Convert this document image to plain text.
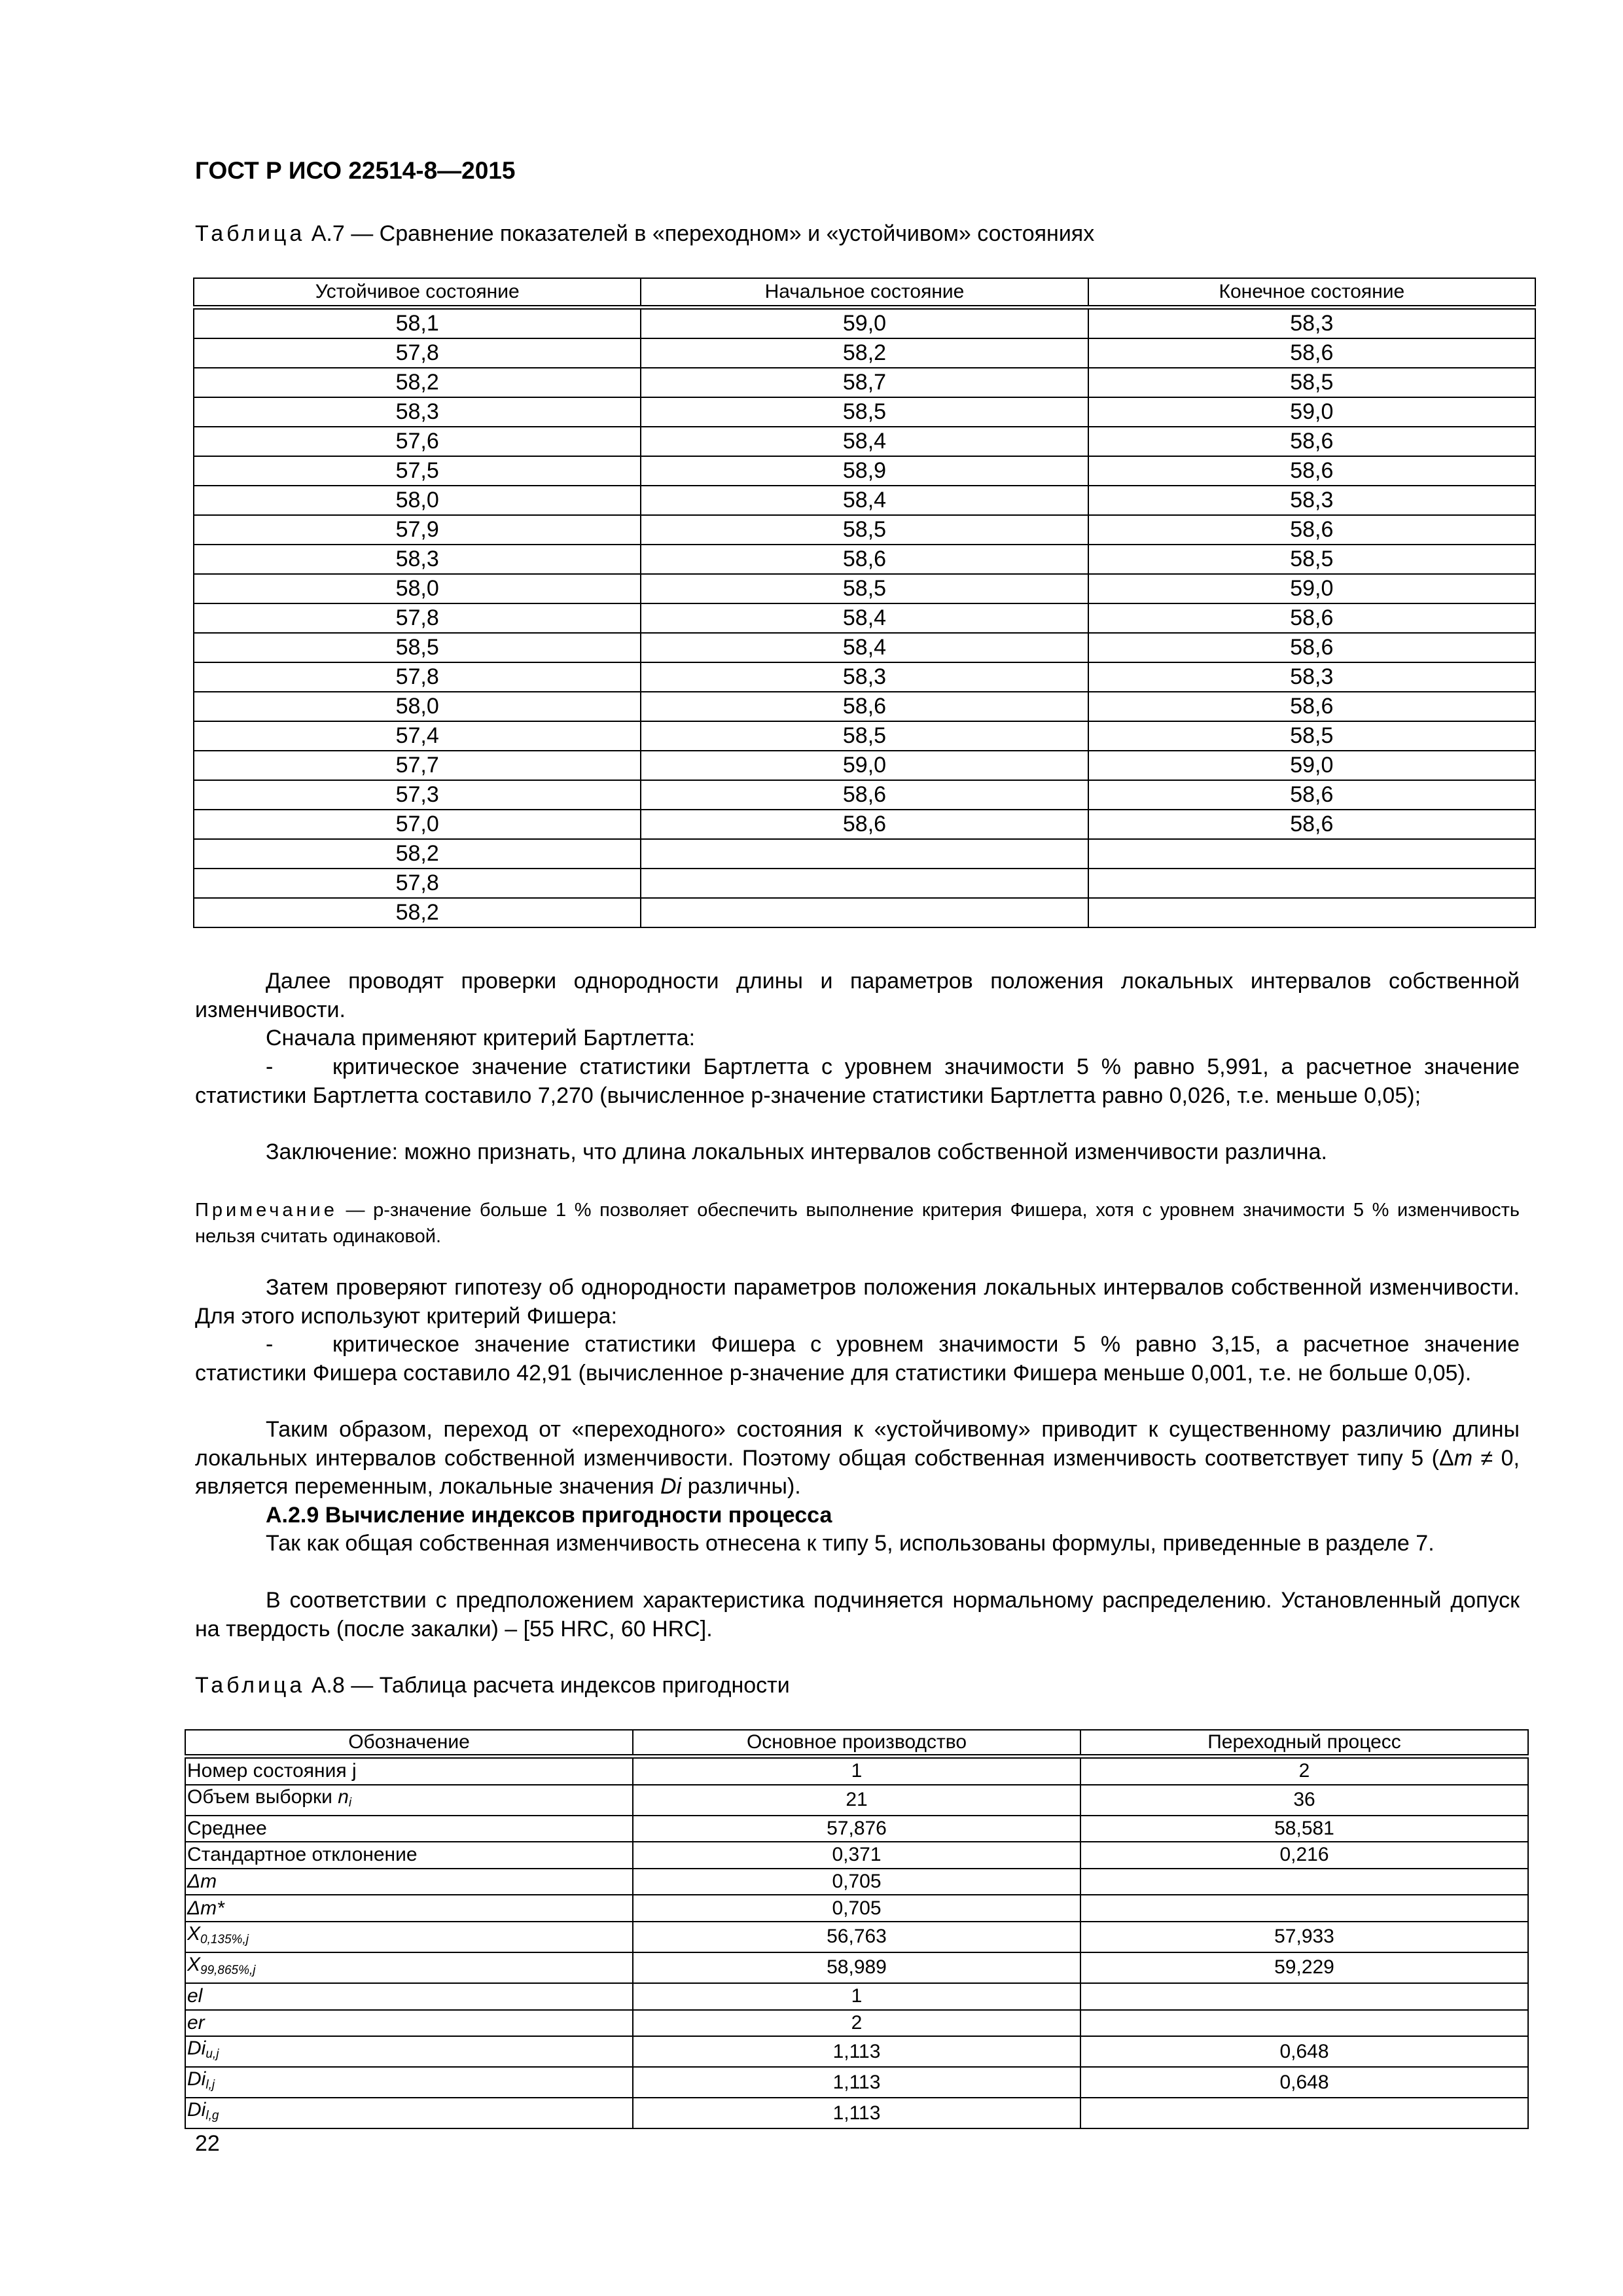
ГОСТ Р ИСО 22514-8—2015
Таблица А.7 — Сравнение показателей в «переходном» и «устойчивом» состояниях
Устойчивое состояние	Начальное состояние	Конечное состояние
58,1	59,0	58,3
57,8	58,2	58,6
58,2	58,7	58,5
58,3	58,5	59,0
57,6	58,4	58,6
57,5	58,9	58,6
58,0	58,4	58,3
57,9	58,5	58,6
58,3	58,6	58,5
58,0	58,5	59,0
57,8	58,4	58,6
58,5	58,4	58,6
57,8	58,3	58,3
58,0	58,6	58,6
57,4	58,5	58,5
57,7	59,0	59,0
57,3	58,6	58,6
57,0	58,6	58,6
58,2		
57,8		
58,2		
Далее проводят проверки однородности длины и параметров положения локальных интервалов собственной изменчивости.
Сначала применяют критерий Бартлетта:
-	критическое значение статистики Бартлетта с уровнем значимости 5 % равно 5,991, а расчетное значение статистики Бартлетта составило 7,270 (вычисленное р-значение статистики Бартлетта равно 0,026, т.е. меньше 0,05);
Заключение: можно признать, что длина локальных интервалов собственной изменчивости различна.
Примечание — р-значение больше 1 % позволяет обеспечить выполнение критерия Фишера, хотя с уровнем значимости 5 % изменчивость нельзя считать одинаковой.
Затем проверяют гипотезу об однородности параметров положения локальных интервалов собственной изменчивости. Для этого используют критерий Фишера:
-	критическое значение статистики Фишера с уровнем значимости 5 % равно 3,15, а расчетное значение статистики Фишера составило 42,91 (вычисленное р-значение для статистики Фишера меньше 0,001, т.е. не больше 0,05).
Таким образом, переход от «переходного» состояния к «устойчивому» приводит к существенному различию длины локальных интервалов собственной изменчивости. Поэтому общая собственная изменчивость соответствует типу 5 (Δm ≠ 0, является переменным, локальные значения Di различны).
А.2.9 Вычисление индексов пригодности процесса
Так как общая собственная изменчивость отнесена к типу 5, использованы формулы, приведенные в разделе 7.
В соответствии с предположением характеристика подчиняется нормальному распределению. Установленный допуск на твердость (после закалки) – [55 HRC, 60 HRC].
Таблица А.8 — Таблица расчета индексов пригодности
Обозначение	Основное производство	Переходный процесс
Номер состояния j	1	2
Объем выборки $n_i$	21	36
Среднее	57,876	58,581
Стандартное отклонение	0,371	0,216
Δm	0,705	
Δm*	0,705	
$X_{0,135\%,j}$	56,763	57,933
$X_{99,865\%,j}$	58,989	59,229
el	1	
er	2	
$Di_{u,j}$	1,113	0,648
$Di_{l,j}$	1,113	0,648
$Di_{l,g}$	1,113	
22
